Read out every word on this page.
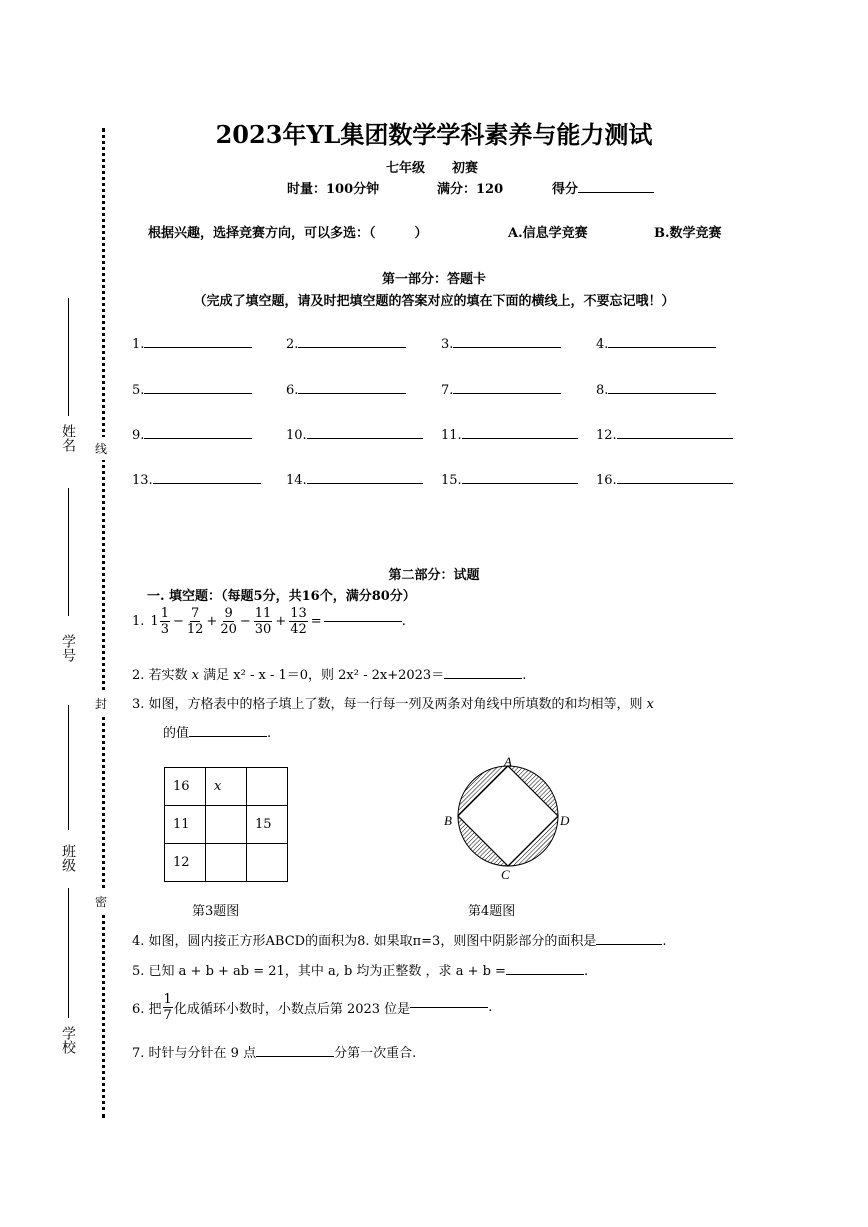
线
封
密
姓名
学号
班级
学校
2023年YL集团数学学科素养与能力测试
七年级 初赛
时量：100分钟	满分：120	得分
根据兴趣，选择竞赛方向，可以多选：（　　　）	A.信息学竞赛	B.数学竞赛
第一部分：答题卡
（完成了填空题，请及时把填空题的答案对应的填在下面的横线上，不要忘记哦！）
1.	2.	3.	4.
5.	6.	7.	8.
9.	10.	11.	12.
13.	14.	15.	16.
第二部分：试题
一. 填空题：（每题5分，共16个，满分80分）
1. $1 \frac{1}{3} - \frac{7}{12} + \frac{9}{20} - \frac{11}{30} + \frac{13}{42}$ =	.
2. 若实数 x 满足 x² - x - 1＝0，则 2x² - 2x+2023＝	.
3. 如图，方格表中的格子填上了数，每一行每一列及两条对角线中所填数的和均相等，则 x
的值	.
16	x	
11		15
12		
第3题图
A
B
C
D
第4题图
4. 如图，圆内接正方形ABCD的面积为8. 如果取π=3，则图中阴影部分的面积是	.
5. 已知 a + b + ab = 21，其中 a, b 均为正整数 ，求 a + b =	.
6. 把 $\frac{1}{7}$ 化成循环小数时，小数点后第 2023 位是	.
7. 时针与分针在 9 点	分第一次重合.
